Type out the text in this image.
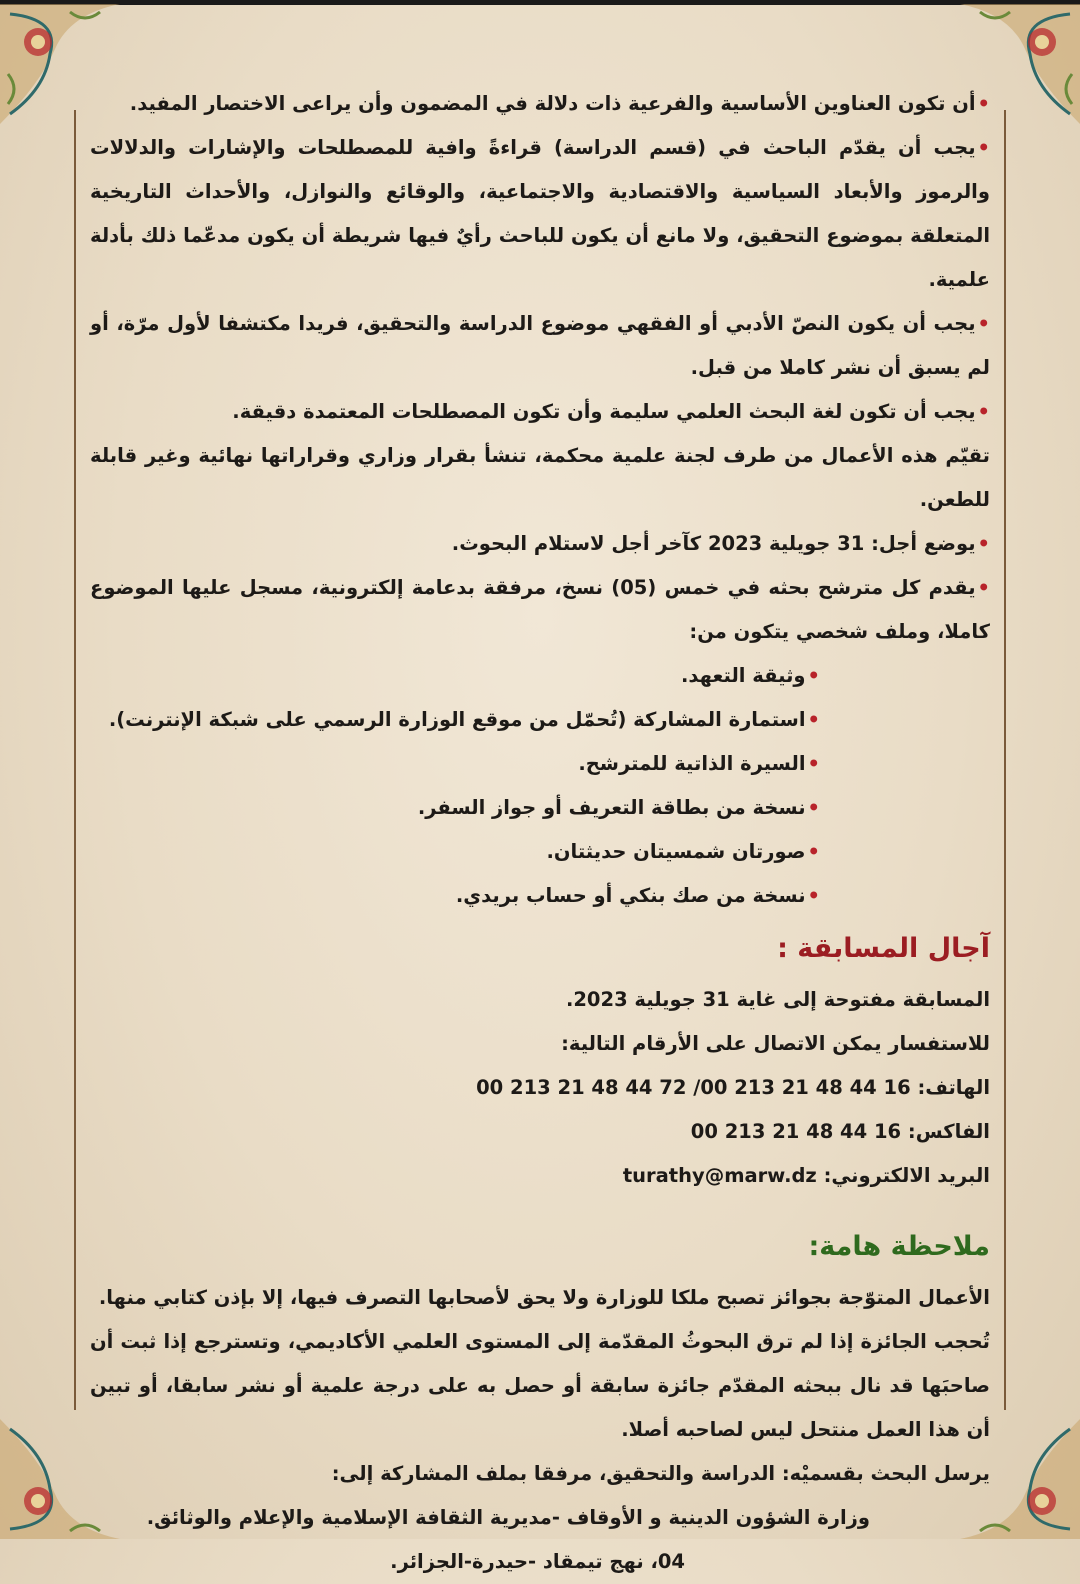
• أن تكون العناوين الأساسية والفرعية ذات دلالة في المضمون وأن يراعى الاختصار المفيد.

• يجب أن يقدّم الباحث في (قسم الدراسة) قراءةً وافية للمصطلحات والإشارات والدلالات والرموز والأبعاد السياسية والاقتصادية والاجتماعية، والوقائع والنوازل، والأحداث التاريخية المتعلقة بموضوع التحقيق، ولا مانع أن يكون للباحث رأيٌ فيها شريطة أن يكون مدعّما ذلك بأدلة علمية.

• يجب أن يكون النصّ الأدبي أو الفقهي موضوع الدراسة والتحقيق، فريدا مكتشفا لأول مرّة، أو لم يسبق أن نشر كاملا من قبل.

• يجب أن تكون لغة البحث العلمي سليمة وأن تكون المصطلحات المعتمدة دقيقة.

تقيّم هذه الأعمال من طرف لجنة علمية محكمة، تنشأ بقرار وزاري وقراراتها نهائية وغير قابلة للطعن.

• يوضع أجل: 31 جويلية 2023 كآخر أجل لاستلام البحوث.

• يقدم كل مترشح بحثه في خمس (05) نسخ، مرفقة بدعامة إلكترونية، مسجل عليها الموضوع كاملا، وملف شخصي يتكون من:

• وثيقة التعهد.

• استمارة المشاركة (تُحمّل من موقع الوزارة الرسمي على شبكة الإنترنت).

• السيرة الذاتية للمترشح.

• نسخة من بطاقة التعريف أو جواز السفر.

• صورتان شمسيتان حديثتان.

• نسخة من صك بنكي أو حساب بريدي.

آجال المسابقة :

المسابقة مفتوحة إلى غاية 31 جويلية 2023.

للاستفسار يمكن الاتصال على الأرقام التالية:

الهاتف: 00 213 21 48 44 72 /00 213 21 48 44 16

الفاكس: 00 213 21 48 44 16

البريد الالكتروني: turathy@marw.dz

ملاحظة هامة:

الأعمال المتوّجة بجوائز تصبح ملكا للوزارة ولا يحق لأصحابها التصرف فيها، إلا بإذن كتابي منها.

تُحجب الجائزة إذا لم ترق البحوثُ المقدّمة إلى المستوى العلمي الأكاديمي، وتسترجع إذا ثبت أن صاحبَها قد نال ببحثه المقدّم جائزة سابقة أو حصل به على درجة علمية أو نشر سابقا، أو تبين أن هذا العمل منتحل ليس لصاحبه أصلا.

يرسل البحث بقسميْه: الدراسة والتحقيق، مرفقا بملف المشاركة إلى:

وزارة الشؤون الدينية و الأوقاف -مديرية الثقافة الإسلامية والإعلام والوثائق.

04، نهج تيمقاد -حيدرة-الجزائر.
